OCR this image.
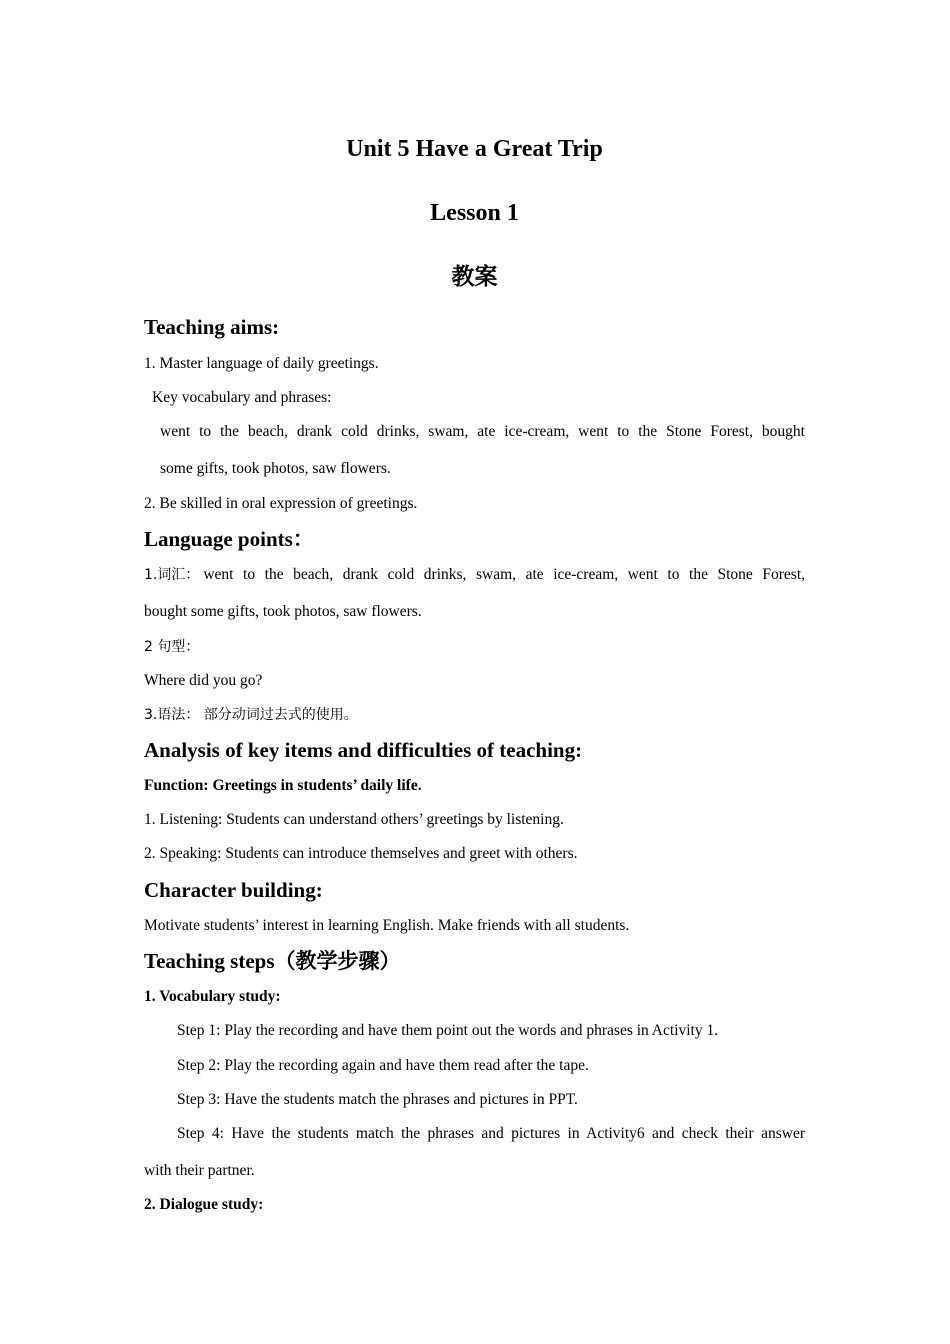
Unit 5 Have a Great Trip
Lesson 1
教案
Teaching aims:

1. Master language of daily greetings.

Key vocabulary and phrases:

went to the beach, drank cold drinks, swam, ate ice-cream, went to the Stone Forest, bought

some gifts, took photos, saw flowers.

2. Be skilled in oral expression of greetings.

Language points：
1.词汇： went to the beach, drank cold drinks, swam, ate ice-cream, went to the Stone Forest,

bought some gifts, took photos, saw flowers.

2 句型：

Where did you go?

3.语法： 部分动词过去式的使用。

Analysis of key items and difficulties of teaching:

Function: Greetings in students’ daily life.

1. Listening: Students can understand others’ greetings by listening.

2. Speaking: Students can introduce themselves and greet with others.

Character building:

Motivate students’ interest in learning English. Make friends with all students.

Teaching steps（教学步骤）

1. Vocabulary study:

Step 1: Play the recording and have them point out the words and phrases in Activity 1.

Step 2: Play the recording again and have them read after the tape.

Step 3: Have the students match the phrases and pictures in PPT.

Step 4: Have the students match the phrases and pictures in Activity6 and check their answer

with their partner.

2. Dialogue study:
